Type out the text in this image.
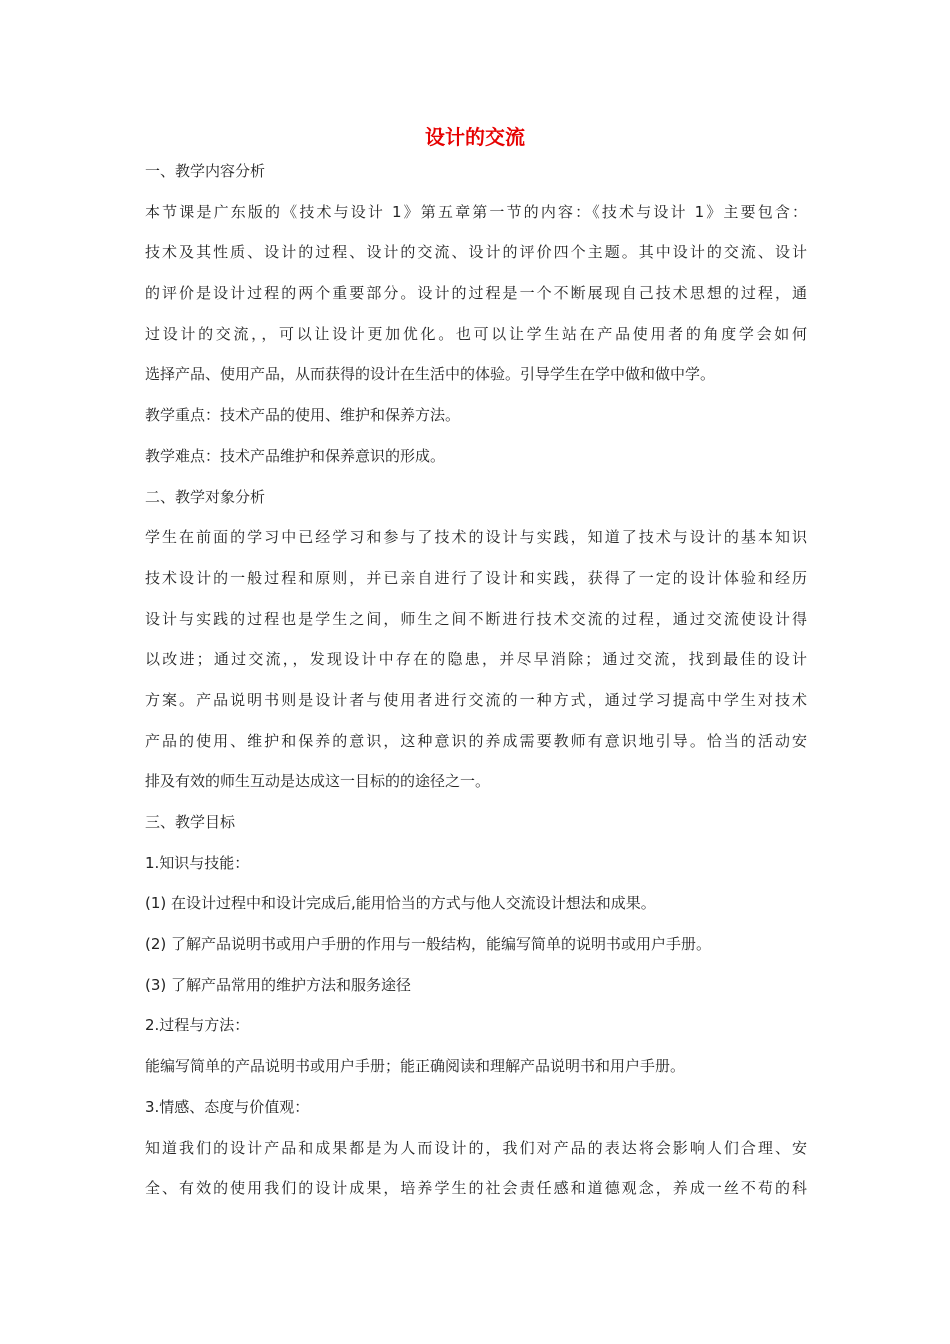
设计的交流
一、教学内容分析
本节课是广东版的《技术与设计 1》第五章第一节的内容：《技术与设计 1》主要包含：
技术及其性质、设计的过程、设计的交流、设计的评价四个主题。其中设计的交流、设计
的评价是设计过程的两个重要部分。设计的过程是一个不断展现自己技术思想的过程，通
过设计的交流，，可以让设计更加优化。也可以让学生站在产品使用者的角度学会如何
选择产品、使用产品，从而获得的设计在生活中的体验。引导学生在学中做和做中学。
教学重点：技术产品的使用、维护和保养方法。
教学难点：技术产品维护和保养意识的形成。
二、教学对象分析
学生在前面的学习中已经学习和参与了技术的设计与实践，知道了技术与设计的基本知识
技术设计的一般过程和原则，并已亲自进行了设计和实践，获得了一定的设计体验和经历
设计与实践的过程也是学生之间，师生之间不断进行技术交流的过程，通过交流使设计得
以改进；通过交流，，发现设计中存在的隐患，并尽早消除；通过交流，找到最佳的设计
方案。产品说明书则是设计者与使用者进行交流的一种方式，通过学习提高中学生对技术
产品的使用、维护和保养的意识，这种意识的养成需要教师有意识地引导。恰当的活动安
排及有效的师生互动是达成这一目标的的途径之一。
三、教学目标
1.知识与技能：
(1) 在设计过程中和设计完成后,能用恰当的方式与他人交流设计想法和成果。
(2) 了解产品说明书或用户手册的作用与一般结构，能编写简单的说明书或用户手册。
(3) 了解产品常用的维护方法和服务途径
2.过程与方法：
能编写简单的产品说明书或用户手册；能正确阅读和理解产品说明书和用户手册。
3.情感、态度与价值观：
知道我们的设计产品和成果都是为人而设计的，我们对产品的表达将会影响人们合理、安
全、有效的使用我们的设计成果，培养学生的社会责任感和道德观念，养成一丝不苟的科
